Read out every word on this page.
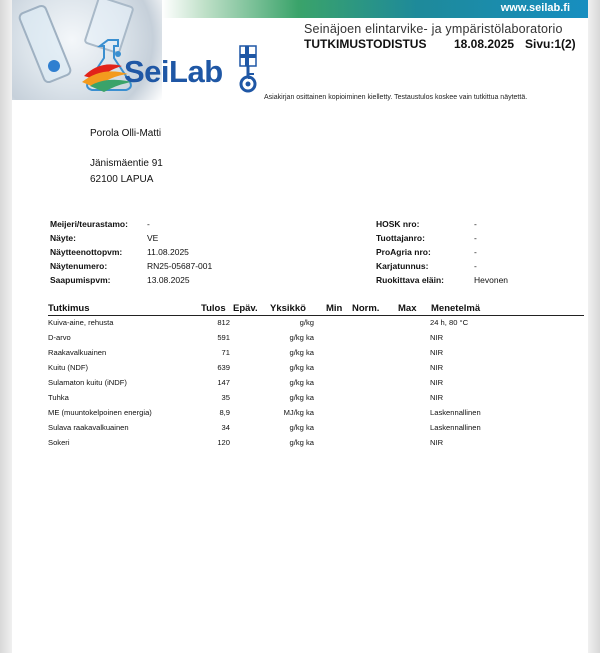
www.seilab.fi
SeiLab
Seinäjoen elintarvike- ja ympäristölaboratorio
TUTKIMUSTODISTUS 18.08.2025 Sivu:1(2)
Asiakirjan osittainen kopioiminen kielletty. Testaustulos koskee vain tutkittua näytettä.
Porola Olli-Matti
Jänismäentie 91
62100 LAPUA
Meijeri/teurastamo: -
Näyte:	VE
Näytteenottopvm:	11.08.2025
Näytenumero:	RN25-05687-001
Saapumispvm:	13.08.2025
HOSK nro:	-
Tuottajanro:	-
ProAgria nro:	-
Karjatunnus:	-
Ruokittava eläin:	Hevonen
Tutkimus	Tulos Epäv. Yksikkö Min Norm. Max Menetelmä
Kuiva-aine, rehusta	812	g/kg	24 h, 80 °C
D-arvo	591	g/kg ka	NIR
Raakavalkuainen	71	g/kg ka	NIR
Kuitu (NDF)	639	g/kg ka	NIR
Sulamaton kuitu (iNDF)	147	g/kg ka	NIR
Tuhka	35	g/kg ka	NIR
ME (muuntokelpoinen energia)	8,9	MJ/kg ka	Laskennallinen
Sulava raakavalkuainen	34	g/kg ka	Laskennallinen
Sokeri	120	g/kg ka	NIR
